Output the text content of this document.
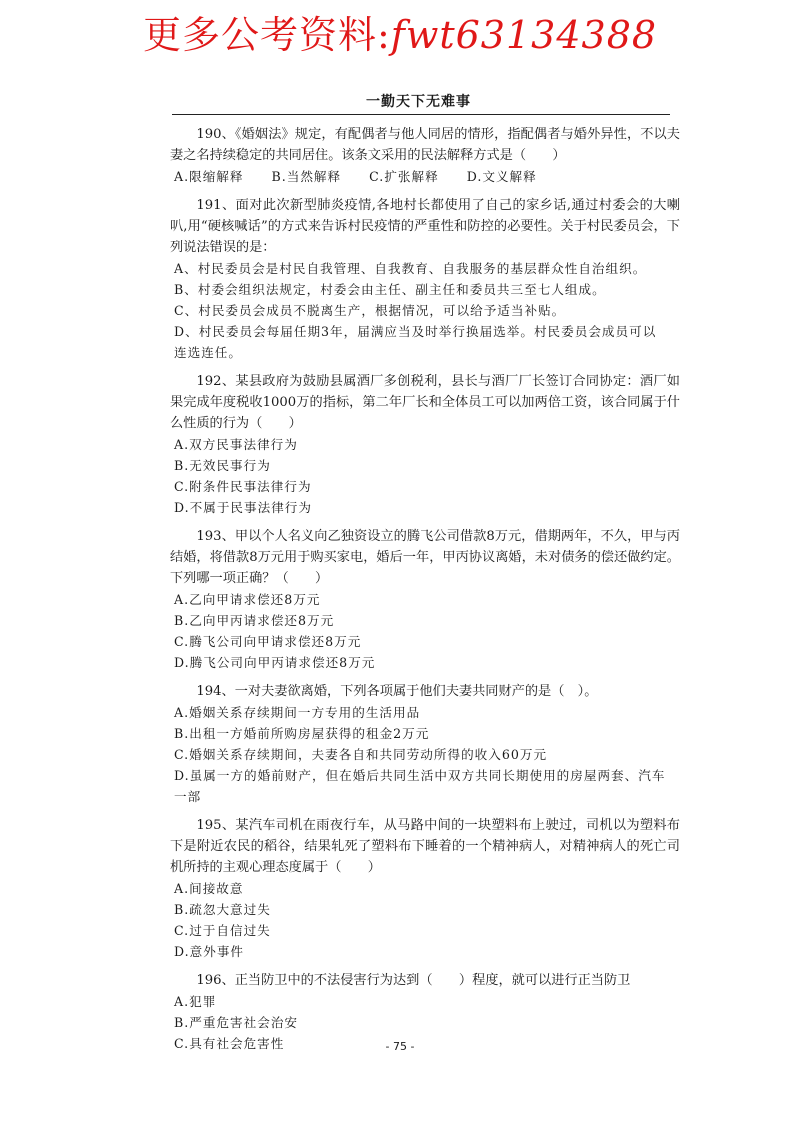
更多公考资料:fwt63134388
一勤天下无难事

190、《婚姻法》规定，有配偶者与他人同居的情形，指配偶者与婚外异性，不以夫妻之名持续稳定的共同居住。该条文采用的民法解释方式是（　　）

A.限缩解释 B.当然解释 C.扩张解释 D.文义解释

191、面对此次新型肺炎疫情,各地村长都使用了自己的家乡话,通过村委会的大喇叭,用“硬核喊话”的方式来告诉村民疫情的严重性和防控的必要性。关于村民委员会，下列说法错误的是：

A、村民委员会是村民自我管理、自我教育、自我服务的基层群众性自治组织。

B、村委会组织法规定，村委会由主任、副主任和委员共三至七人组成。

C、村民委员会成员不脱离生产，根据情况，可以给予适当补贴。

D、村民委员会每届任期3年，届满应当及时举行换届选举。村民委员会成员可以

连选连任。

192、某县政府为鼓励县属酒厂多创税利，县长与酒厂厂长签订合同协定：酒厂如果完成年度税收1000万的指标，第二年厂长和全体员工可以加两倍工资，该合同属于什么性质的行为（　　）

A.双方民事法律行为

B.无效民事行为

C.附条件民事法律行为

D.不属于民事法律行为

193、甲以个人名义向乙独资设立的腾飞公司借款8万元，借期两年，不久，甲与丙结婚，将借款8万元用于购买家电，婚后一年，甲丙协议离婚，未对债务的偿还做约定。下列哪一项正确？（　　）

A.乙向甲请求偿还8万元

B.乙向甲丙请求偿还8万元

C.腾飞公司向甲请求偿还8万元

D.腾飞公司向甲丙请求偿还8万元

194、一对夫妻欲离婚，下列各项属于他们夫妻共同财产的是（　）。

A.婚姻关系存续期间一方专用的生活用品

B.出租一方婚前所购房屋获得的租金2万元

C.婚姻关系存续期间，夫妻各自和共同劳动所得的收入60万元

D.虽属一方的婚前财产，但在婚后共同生活中双方共同长期使用的房屋两套、汽车

一部

195、某汽车司机在雨夜行车，从马路中间的一块塑料布上驶过，司机以为塑料布下是附近农民的稻谷，结果轧死了塑料布下睡着的一个精神病人，对精神病人的死亡司机所持的主观心理态度属于（　　）

A.间接故意

B.疏忽大意过失

C.过于自信过失

D.意外事件

196、正当防卫中的不法侵害行为达到（　　）程度，就可以进行正当防卫

A.犯罪

B.严重危害社会治安

C.具有社会危害性	- 75 -
